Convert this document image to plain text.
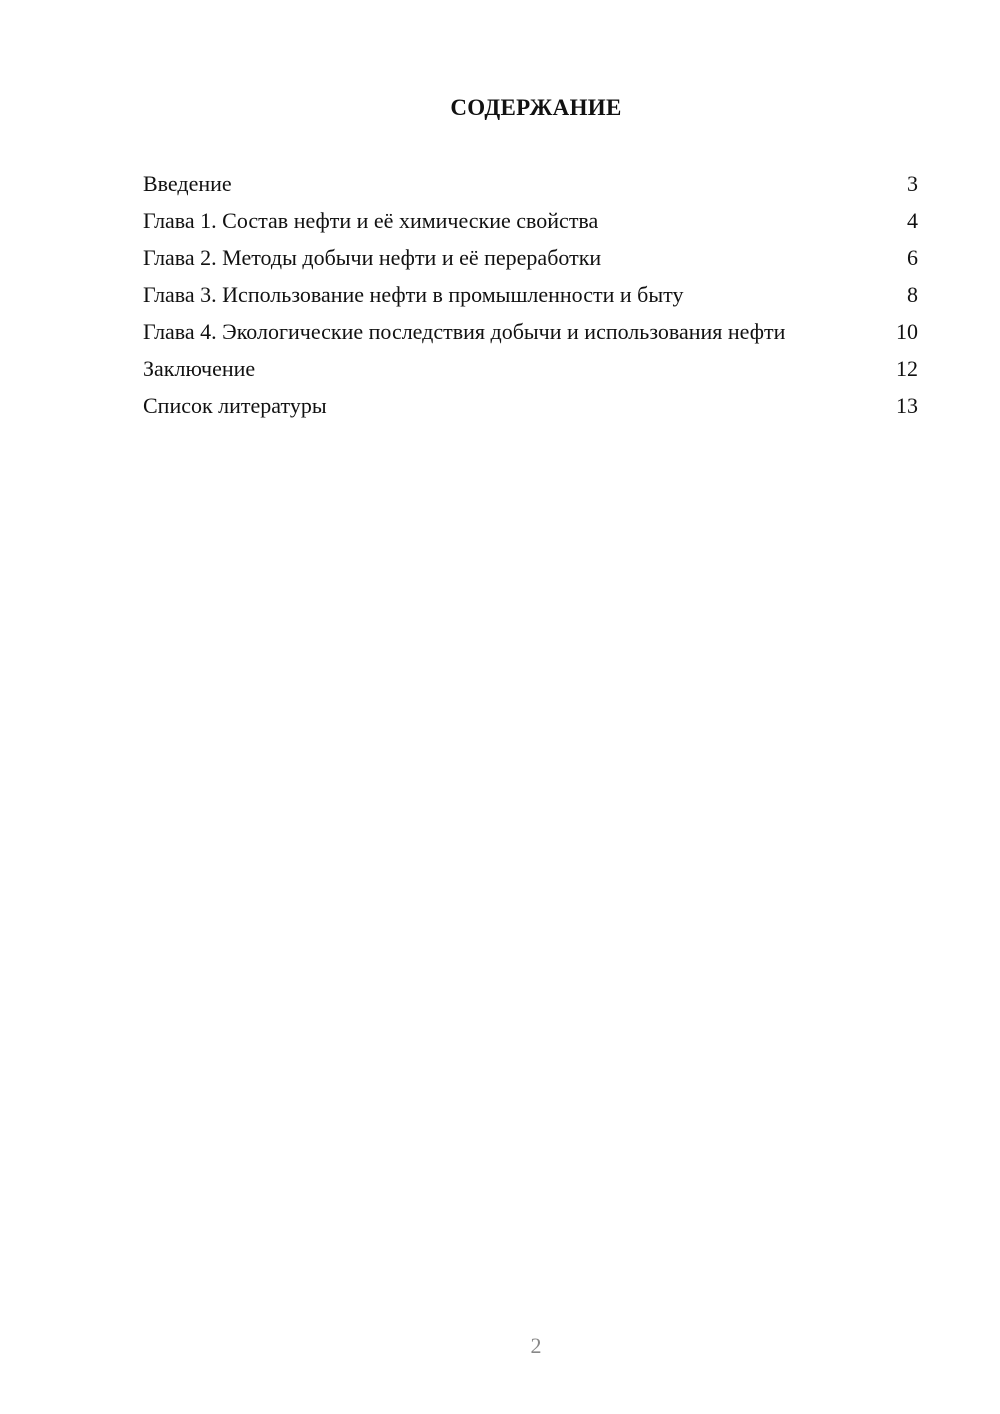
СОДЕРЖАНИЕ
Введение	3
Глава 1. Состав нефти и её химические свойства	4
Глава 2. Методы добычи нефти и её переработки	6
Глава 3. Использование нефти в промышленности и быту	8
Глава 4. Экологические последствия добычи и использования нефти	10
Заключение	12
Список литературы	13
2
